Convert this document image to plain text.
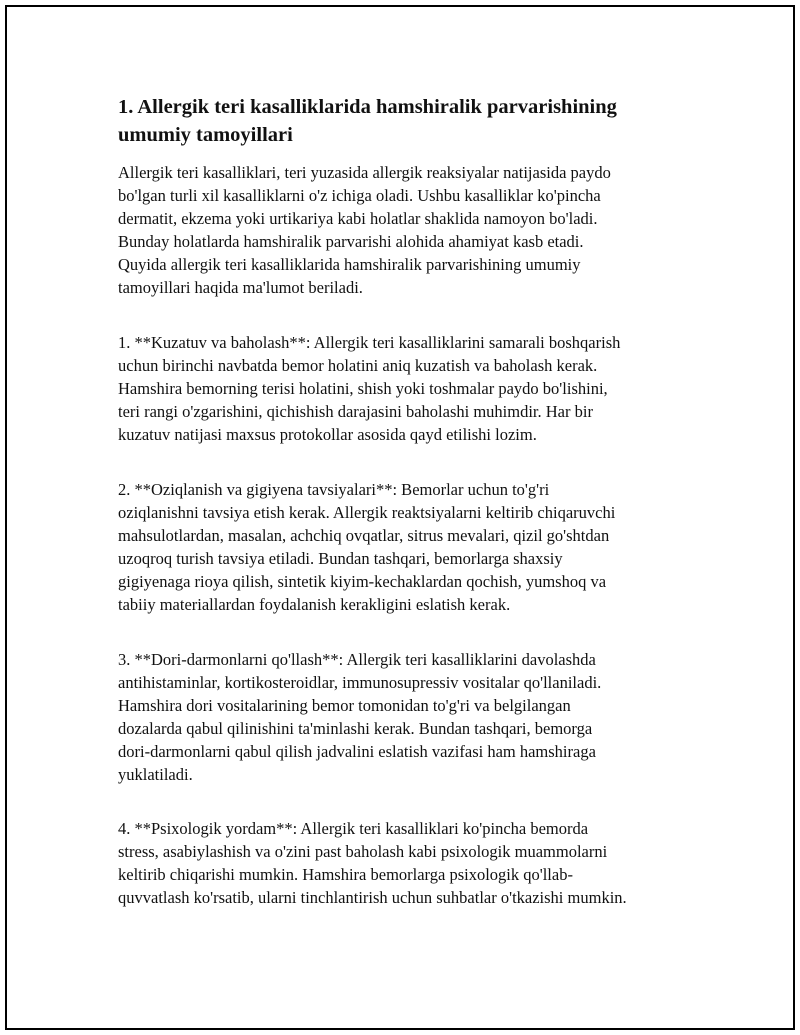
1. Allergik teri kasalliklarida hamshiralik parvarishining
umumiy tamoyillari
Allergik teri kasalliklari, teri yuzasida allergik reaksiyalar natijasida paydo
bo'lgan turli xil kasalliklarni o'z ichiga oladi. Ushbu kasalliklar ko'pincha
dermatit, ekzema yoki urtikariya kabi holatlar shaklida namoyon bo'ladi.
Bunday holatlarda hamshiralik parvarishi alohida ahamiyat kasb etadi.
Quyida allergik teri kasalliklarida hamshiralik parvarishining umumiy
tamoyillari haqida ma'lumot beriladi.
1. **Kuzatuv va baholash**: Allergik teri kasalliklarini samarali boshqarish
uchun birinchi navbatda bemor holatini aniq kuzatish va baholash kerak.
Hamshira bemorning terisi holatini, shish yoki toshmalar paydo bo'lishini,
teri rangi o'zgarishini, qichishish darajasini baholashi muhimdir. Har bir
kuzatuv natijasi maxsus protokollar asosida qayd etilishi lozim.
2. **Oziqlanish va gigiyena tavsiyalari**: Bemorlar uchun to'g'ri
oziqlanishni tavsiya etish kerak. Allergik reaktsiyalarni keltirib chiqaruvchi
mahsulotlardan, masalan, achchiq ovqatlar, sitrus mevalari, qizil go'shtdan
uzoqroq turish tavsiya etiladi. Bundan tashqari, bemorlarga shaxsiy
gigiyenaga rioya qilish, sintetik kiyim-kechaklardan qochish, yumshoq va
tabiiy materiallardan foydalanish kerakligini eslatish kerak.
3. **Dori-darmonlarni qo'llash**: Allergik teri kasalliklarini davolashda
antihistaminlar, kortikosteroidlar, immunosupressiv vositalar qo'llaniladi.
Hamshira dori vositalarining bemor tomonidan to'g'ri va belgilangan
dozalarda qabul qilinishini ta'minlashi kerak. Bundan tashqari, bemorga
dori-darmonlarni qabul qilish jadvalini eslatish vazifasi ham hamshiraga
yuklatiladi.
4. **Psixologik yordam**: Allergik teri kasalliklari ko'pincha bemorda
stress, asabiylashish va o'zini past baholash kabi psixologik muammolarni
keltirib chiqarishi mumkin. Hamshira bemorlarga psixologik qo'llab-
quvvatlash ko'rsatib, ularni tinchlantirish uchun suhbatlar o'tkazishi mumkin.
